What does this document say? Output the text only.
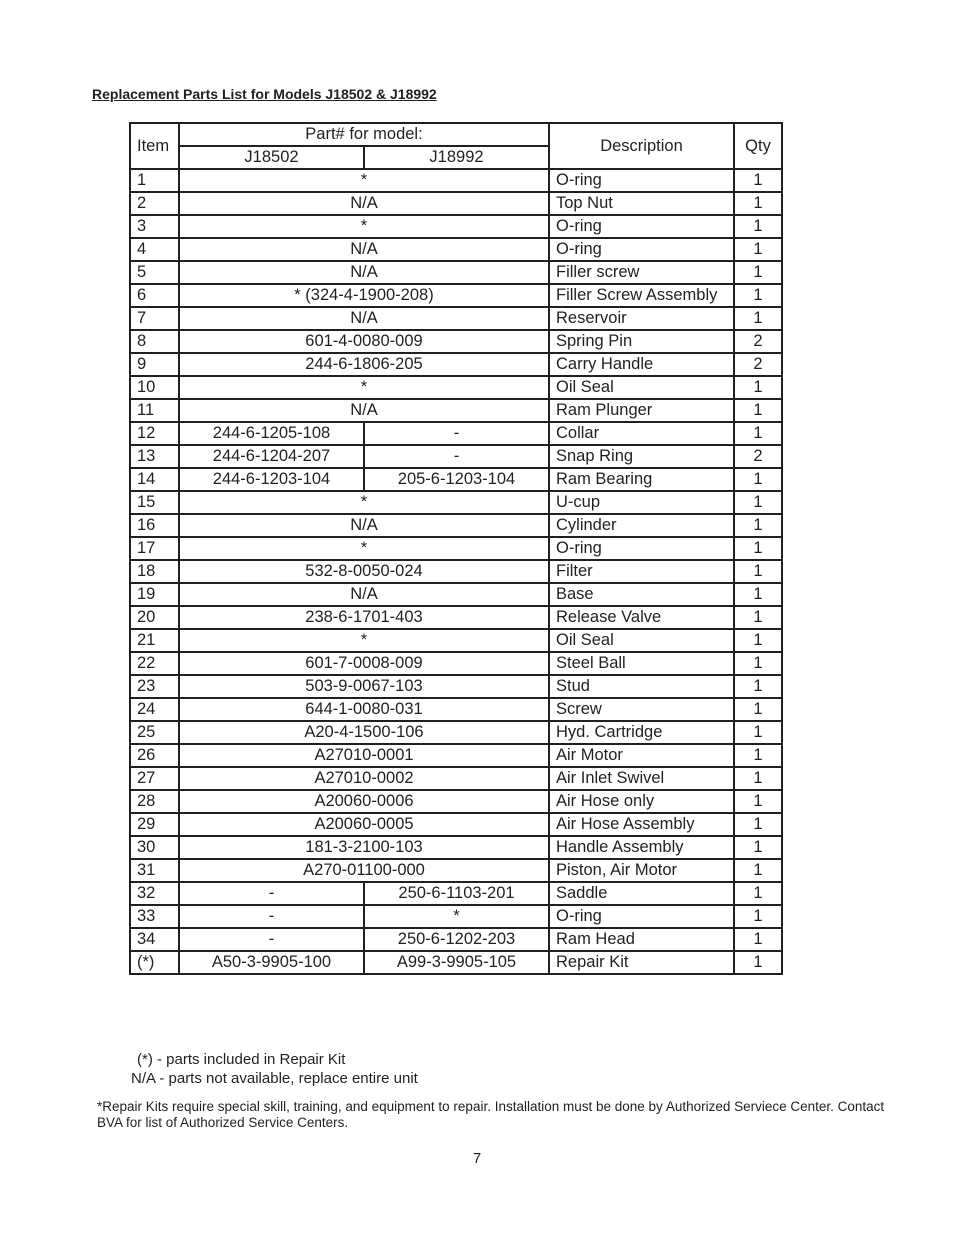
Replacement Parts List for Models J18502 & J18992
Item	Part# for model:		Description	Qty
	J18502	J18992		
1	*		O-ring	1
2	N/A		Top Nut	1
3	*		O-ring	1
4	N/A		O-ring	1
5	N/A		Filler screw	1
6	* (324-4-1900-208)		Filler Screw Assembly	1
7	N/A		Reservoir	1
8	601-4-0080-009		Spring Pin	2
9	244-6-1806-205		Carry Handle	2
10	*		Oil Seal	1
11	N/A		Ram Plunger	1
12	244-6-1205-108	-	Collar	1
13	244-6-1204-207	-	Snap Ring	2
14	244-6-1203-104	205-6-1203-104	Ram Bearing	1
15	*		U-cup	1
16	N/A		Cylinder	1
17	*		O-ring	1
18	532-8-0050-024		Filter	1
19	N/A		Base	1
20	238-6-1701-403		Release Valve	1
21	*		Oil Seal	1
22	601-7-0008-009		Steel Ball	1
23	503-9-0067-103		Stud	1
24	644-1-0080-031		Screw	1
25	A20-4-1500-106		Hyd. Cartridge	1
26	A27010-0001		Air Motor	1
27	A27010-0002		Air Inlet Swivel	1
28	A20060-0006		Air Hose only	1
29	A20060-0005		Air Hose Assembly	1
30	181-3-2100-103		Handle Assembly	1
31	A270-01100-000		Piston, Air Motor	1
32	-	250-6-1103-201	Saddle	1
33	-	*	O-ring	1
34	-	250-6-1202-203	Ram Head	1
(*)	A50-3-9905-100	A99-3-9905-105	Repair Kit	1
(*) - parts included in Repair Kit
N/A - parts not available, replace entire unit
*Repair Kits require special skill, training, and equipment to repair. Installation must be done by Authorized Serviece Center. Contact BVA for list of Authorized Service Centers.
7
